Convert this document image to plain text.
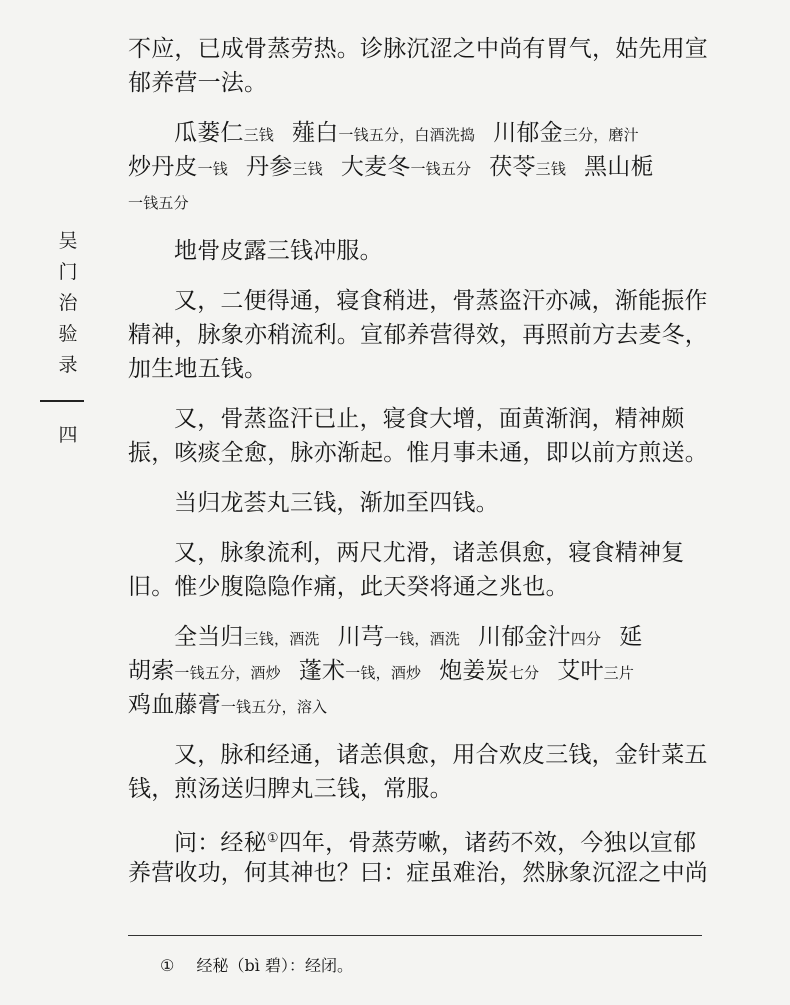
吴
门
治
验
录
四
不应，已成骨蒸劳热。诊脉沉涩之中尚有胃气，姑先用宣
郁养营一法。
瓜蒌仁三钱 薤白一钱五分，白酒洗捣 川郁金三分，磨汁
炒丹皮一钱 丹参三钱 大麦冬一钱五分 茯苓三钱 黑山栀
一钱五分
地骨皮露三钱冲服。
又，二便得通，寝食稍进，骨蒸盗汗亦减，渐能振作
精神，脉象亦稍流利。宣郁养营得效，再照前方去麦冬，
加生地五钱。
又，骨蒸盗汗已止，寝食大增，面黄渐润，精神颇
振，咳痰全愈，脉亦渐起。惟月事未通，即以前方煎送。
当归龙荟丸三钱，渐加至四钱。
又，脉象流利，两尺尤滑，诸恙俱愈，寝食精神复
旧。惟少腹隐隐作痛，此天癸将通之兆也。
全当归三钱，酒洗 川芎一钱，酒洗 川郁金汁四分 延
胡索一钱五分，酒炒 蓬术一钱，酒炒 炮姜炭七分 艾叶三片
鸡血藤膏一钱五分，溶入
又，脉和经通，诸恙俱愈，用合欢皮三钱，金针菜五
钱，煎汤送归脾丸三钱，常服。
问：经秘①四年，骨蒸劳嗽，诸药不效，今独以宣郁
养营收功，何其神也？曰：症虽难治，然脉象沉涩之中尚
① 经秘（bì 碧）：经闭。
